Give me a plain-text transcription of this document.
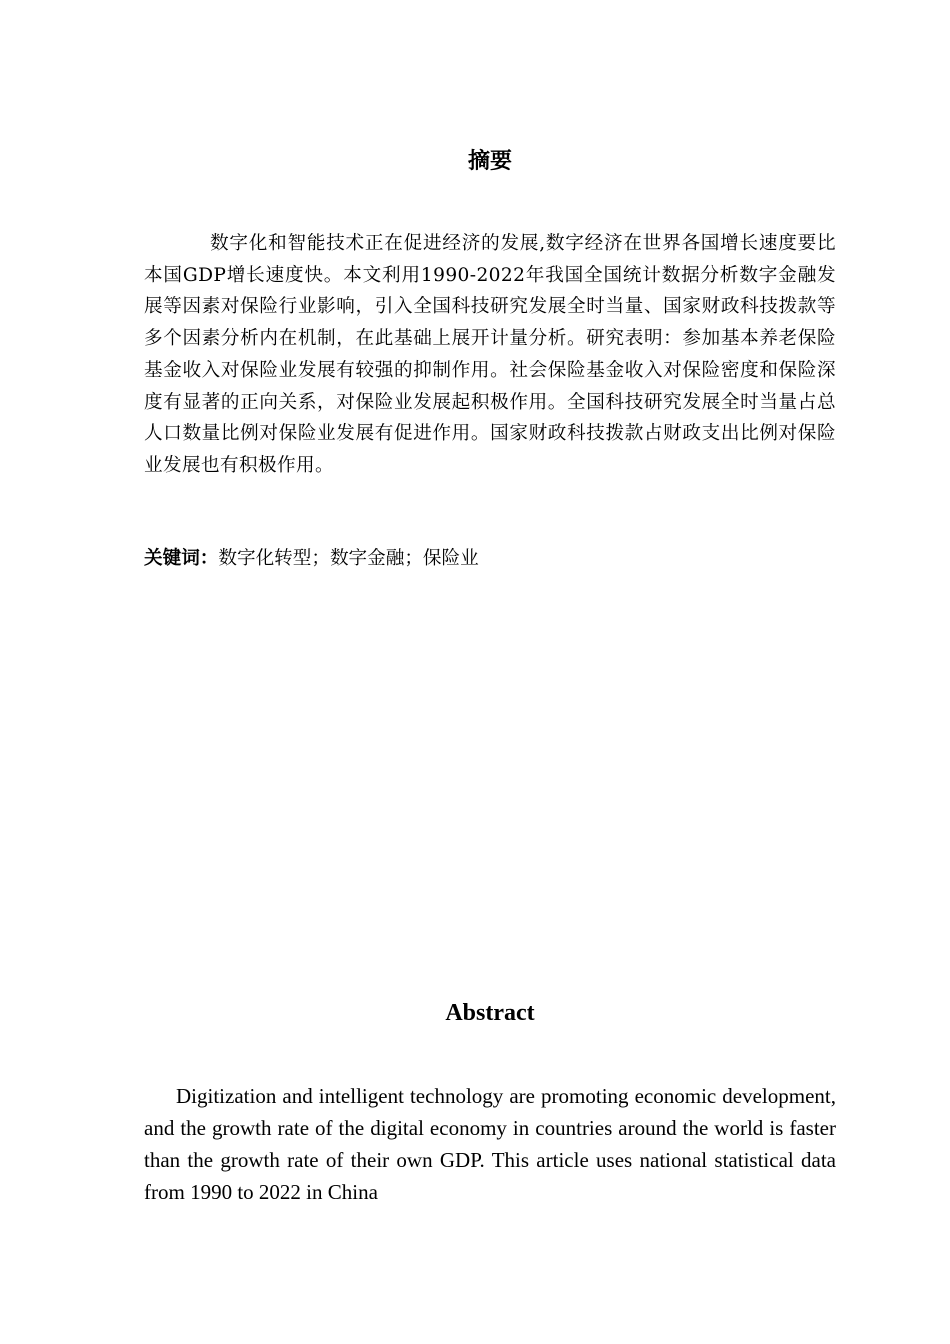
摘要

数字化和智能技术正在促进经济的发展,数字经济在世界各国增长速度要比本国GDP增长速度快。本文利用1990-2022年我国全国统计数据分析数字金融发展等因素对保险行业影响，引入全国科技研究发展全时当量、国家财政科技拨款等多个因素分析内在机制，在此基础上展开计量分析。研究表明：参加基本养老保险基金收入对保险业发展有较强的抑制作用。社会保险基金收入对保险密度和保险深度有显著的正向关系，对保险业发展起积极作用。全国科技研究发展全时当量占总人口数量比例对保险业发展有促进作用。国家财政科技拨款占财政支出比例对保险业发展也有积极作用。

关键词：数字化转型；数字金融；保险业

Abstract

Digitization and intelligent technology are promoting economic development, and the growth rate of the digital economy in countries around the world is faster than the growth rate of their own GDP. This article uses national statistical data from 1990 to 2022 in China
